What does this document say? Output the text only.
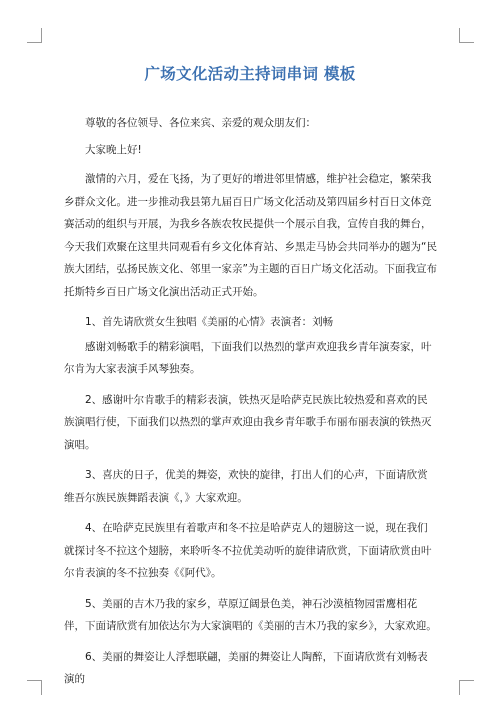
广场文化活动主持词串词 模板

尊敬的各位领导、各位来宾、亲爱的观众朋友们：

大家晚上好!

激情的六月，爱在飞扬，为了更好的增进邻里情感，维护社会稳定，繁荣我乡群众文化。进一步推动我县第九届百日广场文化活动及第四届乡村百日文体竞赛活动的组织与开展，为我乡各族农牧民提供一个展示自我，宣传自我的舞台，今天我们欢聚在这里共同观看有乡文化体育站、乡黑走马协会共同举办的题为“民族大团结，弘扬民族文化、邻里一家亲”为主题的百日广场文化活动。下面我宣布托斯特乡百日广场文化演出活动正式开始。

1、首先请欣赏女生独唱《美丽的心情》表演者：刘畅

感谢刘畅歌手的精彩演唱，下面我们以热烈的掌声欢迎我乡青年演奏家，叶尔肯为大家表演手风琴独奏。

2、感谢叶尔肯歌手的精彩表演，铁热灭是哈萨克民族比较热爱和喜欢的民族演唱行使，下面我们以热烈的掌声欢迎由我乡青年歌手布丽布丽表演的铁热灭演唱。

3、喜庆的日子，优美的舞姿，欢快的旋律，打出人们的心声，下面请欣赏维吾尔族民族舞蹈表演《，》大家欢迎。

4、在哈萨克民族里有着歌声和冬不拉是哈萨克人的翅膀这一说，现在我们就探讨冬不拉这个翅膀，来聆听冬不拉优美动听的旋律请欣赏，下面请欣赏由叶尔肯表演的冬不拉独奏《《阿代》。

5、美丽的吉木乃我的家乡，草原辽阔景色美，神石沙漠植物园雷鹰相花伴，下面请欣赏有加依达尔为大家演唱的《美丽的吉木乃我的家乡》，大家欢迎。

6、美丽的舞姿让人浮想联翩，美丽的舞姿让人陶醉，下面请欣赏有刘畅表演的
